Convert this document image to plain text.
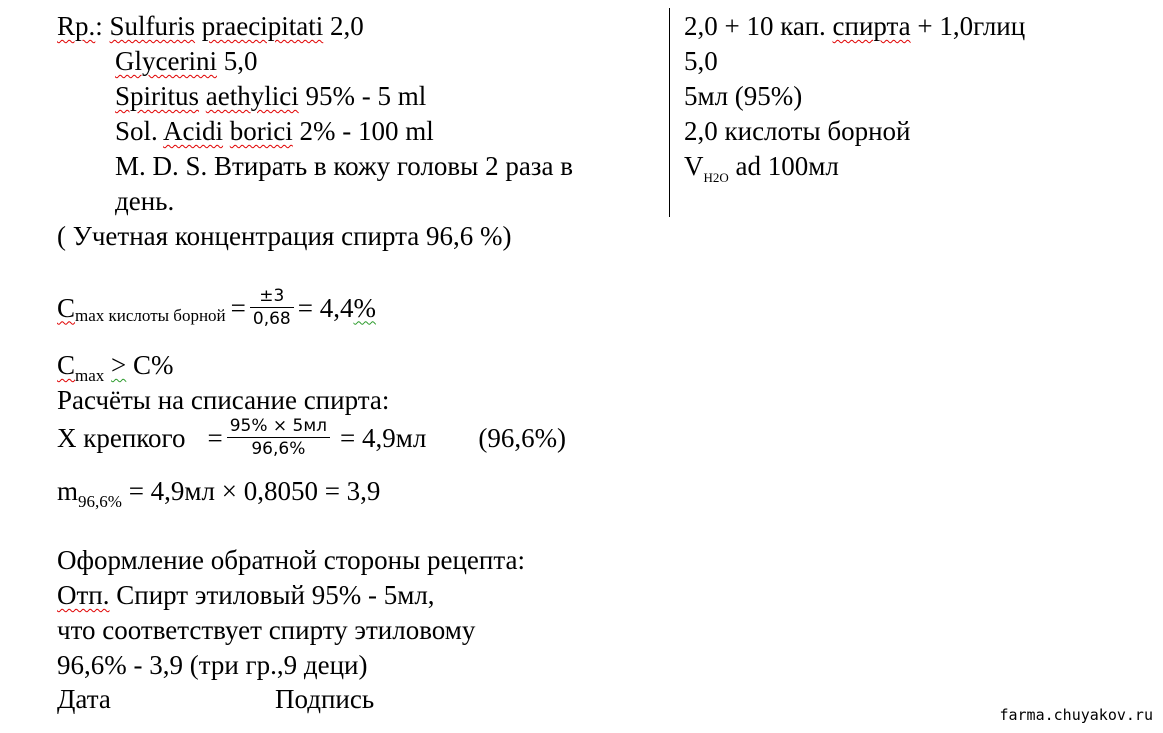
Rp.: Sulfuris praecipitati 2,0
Glycerini 5,0
Spiritus aethylici 95% - 5 ml
Sol. Acidi borici 2% - 100 ml
M. D. S. Втирать в кожу головы 2 раза в
день.
( Учетная концентрация спирта 96,6 %)
2,0 + 10 кап. спирта + 1,0глиц
5,0
5мл (95%)
2,0 кислоты борной
$V_{H2O}$ ad 100мл
C max кислоты борной = $\frac{\pm 3}{0,68} = 4,4$ %
$C_{max} > C\%$
Расчёты на списание спирта:
Х крепкого = $\frac{95\% \times 5мл}{96,6\%} = 4,9мл$ (96,6%)
$m_{96,6\%} = 4,9мл \times 0,8050 = 3,9$
Оформление обратной стороны рецепта:
Отп. Спирт этиловый 95% - 5мл,
что соответствует спирту этиловому
96,6% - 3,9 (три гр.,9 деци)
Дата	Подпись
farma.chuyakov.ru
